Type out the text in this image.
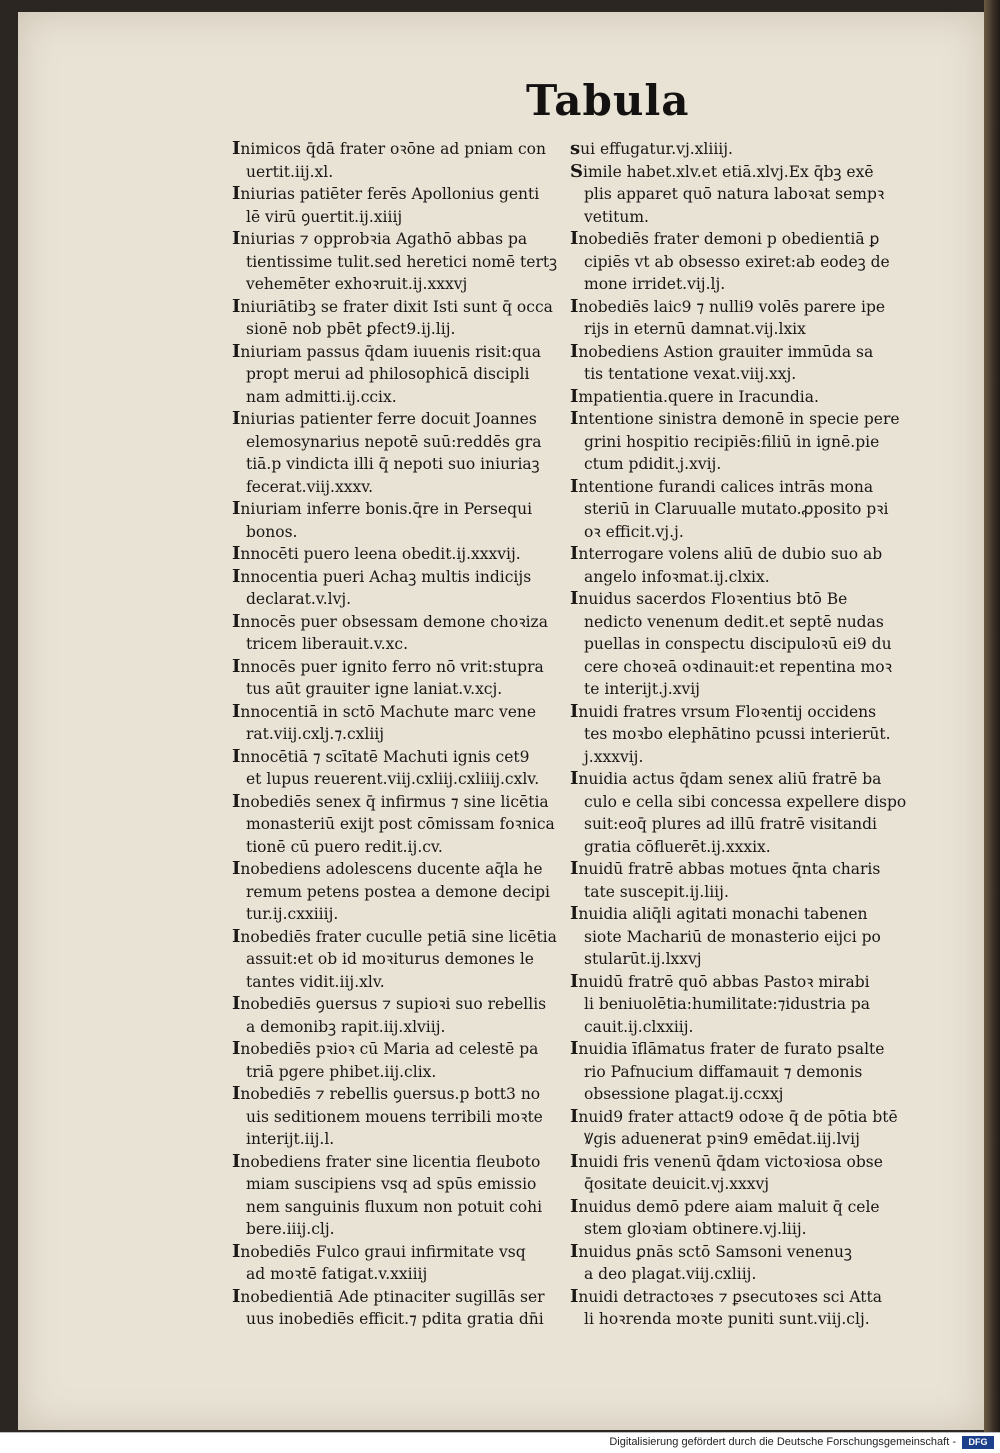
Tabula
Inimicos q̄dā frater oꝛōne ad pniam con
uertit.iij.xl.
Iniurias patiēter ferēs Apollonius genti
lē virū ꝯuertit.ij.xiiij
Iniurias ⁊ opprobꝛia Agathō abbas pa
tientissime tulit.sed heretici nomē tertꝫ
vehemēter exhoꝛruit.ij.xxxvj
Iniuriātibꝫ se frater dixit Isti sunt q̄ occa
sionē nob pbēt ꝑfect9.ij.lij.
Iniuriam passus q̄dam iuuenis risit:qua
propt merui ad philosophicā discipli
nam admitti.ij.ccix.
Iniurias patienter ferre docuit Joannes
elemosynarius nepotē suū:reddēs gra
tiā.p vindicta illi q̄ nepoti suo iniuriaꝫ
fecerat.viij.xxxv.
Iniuriam inferre bonis.q̄re in Persequi
bonos.
Innocēti puero leena obedit.ij.xxxvij.
Innocentia pueri Achaꝫ multis indicijs
declarat.v.lvj.
Innocēs puer obsessam demone choꝛiza
tricem liberauit.v.xc.
Innocēs puer ignito ferro nō vrit:stupra
tus aūt grauiter igne laniat.v.xcj.
Innocentiā in sctō Machute marc vene
rat.viij.cxlj.⁊.cxliij
Innocētiā ⁊ scītatē Machuti ignis cet9
et lupus reuerent.viij.cxliij.cxliiij.cxlv.
Inobediēs senex q̄ infirmus ⁊ sine licētia
monasteriū exijt post cōmissam foꝛnica
tionē cū puero redit.ij.cv.
Inobediens adolescens ducente aq̄la he
remum petens postea a demone decipi
tur.ij.cxxiiij.
Inobediēs frater cuculle petiā sine licētia
assuit:et ob id moꝛiturus demones le
tantes vidit.iij.xlv.
Inobediēs ꝯuersus ⁊ supioꝛi suo rebellis
a demonibꝫ rapit.iij.xlviij.
Inobediēs pꝛioꝛ cū Maria ad celestē pa
triā pgere phibet.iij.clix.
Inobediēs ⁊ rebellis ꝯuersus.p bott3 no
uis seditionem mouens terribili moꝛte
interijt.iij.l.
Inobediens frater sine licentia fleuboto
miam suscipiens vsq ad spūs emissio
nem sanguinis fluxum non potuit cohi
bere.iiij.clj.
Inobediēs Fulco graui infirmitate vsq
ad moꝛtē fatigat.v.xxiiij
Inobedientiā Ade ptinaciter sugillās ser
uus inobediēs efficit.⁊ pdita gratia dn̄i
sui effugatur.vj.xliiij.
Simile habet.xlv.et etiā.xlvj.Ex q̄bꝫ exē
plis apparet quō natura laboꝛat sempꝛ
vetitum.
Inobediēs frater demoni p obedientiā ꝑ
cipiēs vt ab obsesso exiret:ab eodeꝫ de
mone irridet.vij.lj.
Inobediēs laic9 ⁊ nulli9 volēs parere ipe
rijs in eternū damnat.vij.lxix
Inobediens Astion grauiter immūda sa
tis tentatione vexat.viij.xxj.
Impatientia.quere in Iracundia.
Intentione sinistra demonē in specie pere
grini hospitio recipiēs:filiū in ignē.pie
ctum pdidit.j.xvij.
Intentione furandi calices intrās mona
steriū in Claruualle mutato.ꝓposito pꝛi
oꝛ efficit.vj.j.
Interrogare volens aliū de dubio suo ab
angelo infoꝛmat.ij.clxix.
Inuidus sacerdos Floꝛentius btō Be
nedicto venenum dedit.et septē nudas
puellas in conspectu discipuloꝛū ei9 du
cere choꝛeā oꝛdinauit:et repentina moꝛ
te interijt.j.xvij
Inuidi fratres vrsum Floꝛentij occidens
tes moꝛbo elephātino pcussi interierūt.
j.xxxvij.
Inuidia actus q̄dam senex aliū fratrē ba
culo e cella sibi concessa expellere dispo
suit:eoq̄ plures ad illū fratrē visitandi
gratia cōfluerēt.ij.xxxix.
Inuidū fratrē abbas motues q̄nta charis
tate suscepit.ij.liij.
Inuidia aliq̄li agitati monachi tabenen
siote Machariū de monasterio eijci po
stularūt.ij.lxxvj
Inuidū fratrē quō abbas Pastoꝛ mirabi
li beniuolētia:humilitate:⁊idustria pa
cauit.ij.clxxiij.
Inuidia īflāmatus frater de furato psalte
rio Pafnucium diffamauit ⁊ demonis
obsessione plagat.ij.ccxxj
Inuid9 frater attact9 odoꝛe q̄ de pōtia btē
Ꝟgis aduenerat pꝛin9 emēdat.iij.lvij
Inuidi fris venenū q̄dam victoꝛiosa obse
q̄ositate deuicit.vj.xxxvj
Inuidus demō pdere aiam maluit q̄ cele
stem gloꝛiam obtinere.vj.liij.
Inuidus ꝑnās sctō Samsoni venenuꝫ
a deo plagat.viij.cxliij.
Inuidi detractoꝛes ⁊ ꝑsecutoꝛes sci Atta
li hoꝛrenda moꝛte puniti sunt.viij.clj.
Digitalisierung gefördert durch die Deutsche Forschungsgemeinschaft -	DFG
